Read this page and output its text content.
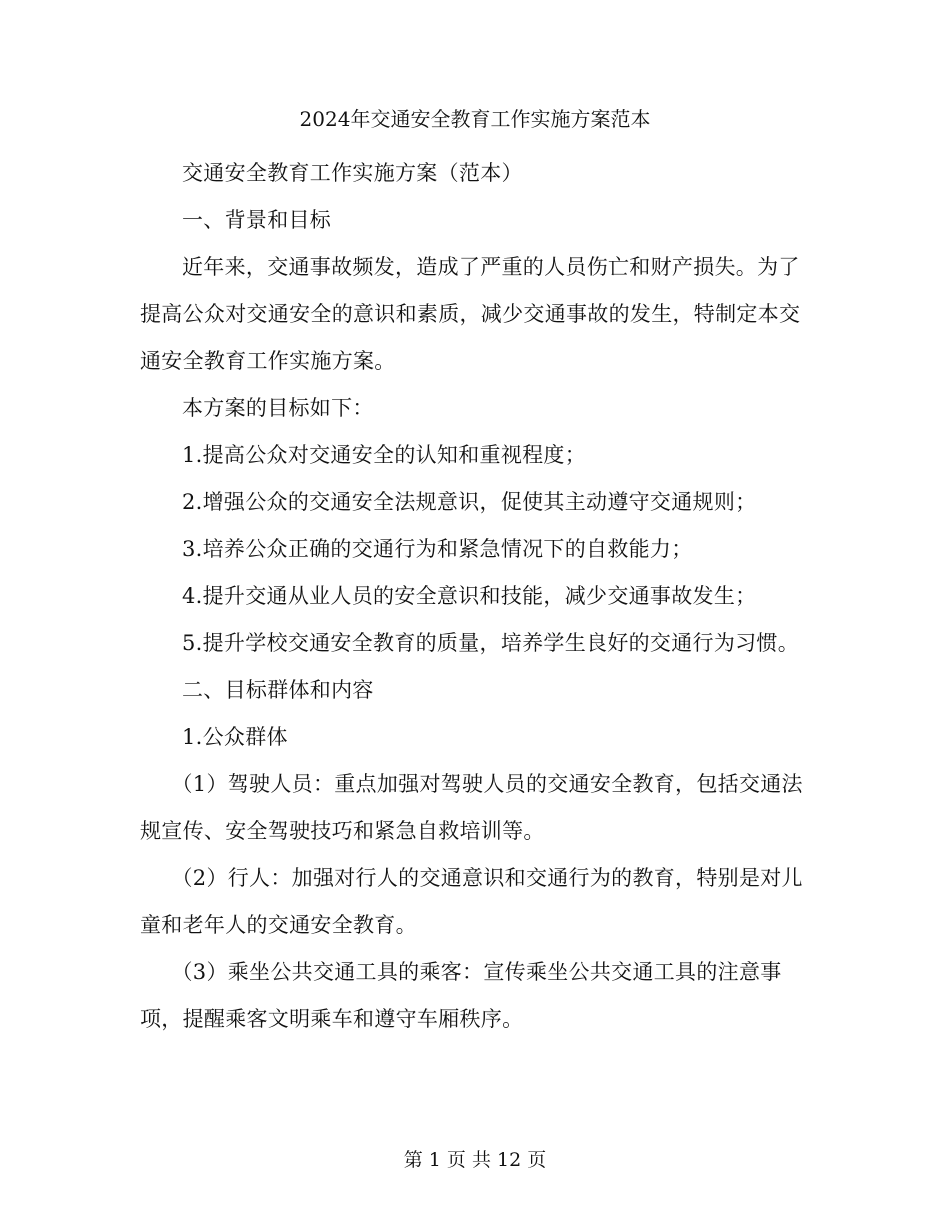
2024年交通安全教育工作实施方案范本

交通安全教育工作实施方案（范本）

一、背景和目标

近年来，交通事故频发，造成了严重的人员伤亡和财产损失。为了提高公众对交通安全的意识和素质，减少交通事故的发生，特制定本交通安全教育工作实施方案。

本方案的目标如下：

1.提高公众对交通安全的认知和重视程度；

2.增强公众的交通安全法规意识，促使其主动遵守交通规则；

3.培养公众正确的交通行为和紧急情况下的自救能力；

4.提升交通从业人员的安全意识和技能，减少交通事故发生；

5.提升学校交通安全教育的质量，培养学生良好的交通行为习惯。

二、目标群体和内容

1.公众群体

（1）驾驶人员：重点加强对驾驶人员的交通安全教育，包括交通法规宣传、安全驾驶技巧和紧急自救培训等。

（2）行人：加强对行人的交通意识和交通行为的教育，特别是对儿童和老年人的交通安全教育。

（3）乘坐公共交通工具的乘客：宣传乘坐公共交通工具的注意事项，提醒乘客文明乘车和遵守车厢秩序。

第 1 页 共 12 页
